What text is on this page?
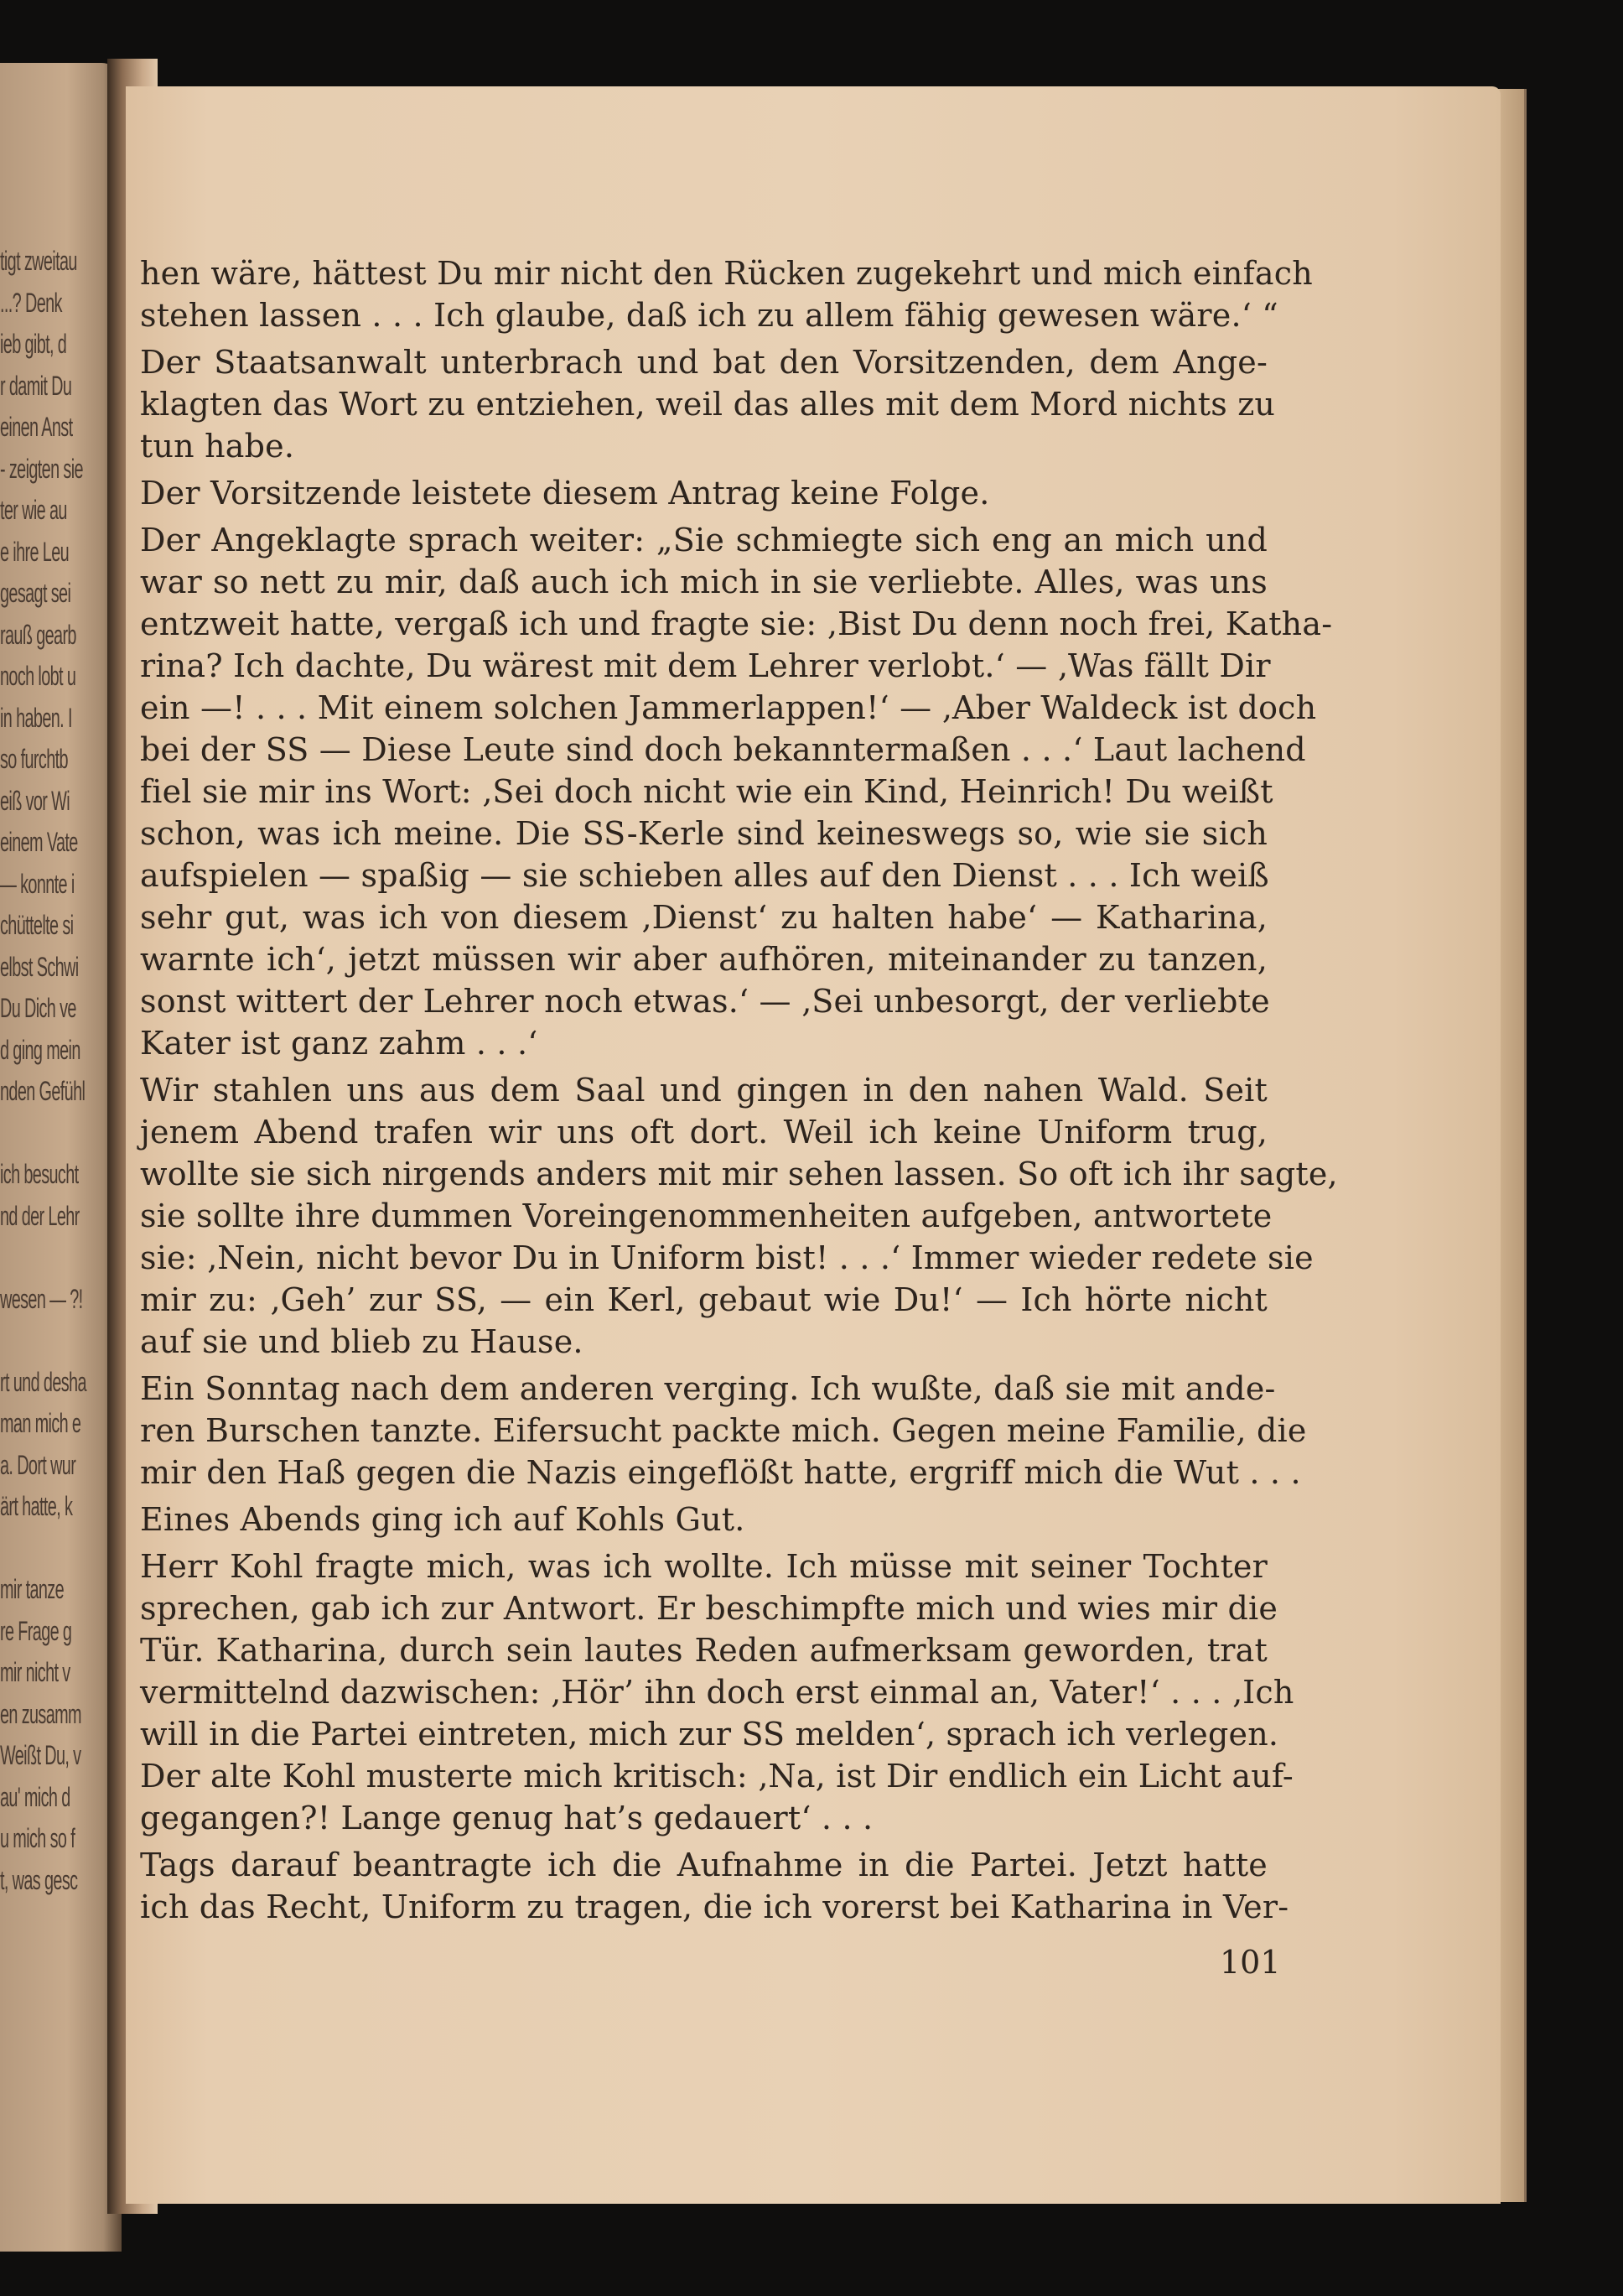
tigt zweitau
...? Denk
ieb gibt, d
r damit Du
einen Anst
- zeigten sie
ter wie au
e ihre Leu
gesagt sei
rauß gearb
noch lobt u
in haben. I
so furchtb
eiß vor Wi
einem Vate
— konnte i
chüttelte si
elbst Schwi
Du Dich ve
d ging mein
nden Gefühl
ich besucht
nd der Lehr
wesen — ?!
rt und desha
man mich e
a. Dort wur
ärt hatte, k
mir tanze
re Frage g
mir nicht v
en zusamm
Weißt Du, v
au' mich d
u mich so f
t, was gesc
hen wäre, hättest Du mir nicht den Rücken zugekehrt und mich einfach
stehen lassen . . . Ich glaube, daß ich zu allem fähig gewesen wäre.‘ “
Der Staatsanwalt unterbrach und bat den Vorsitzenden, dem Ange-
klagten das Wort zu entziehen, weil das alles mit dem Mord nichts zu
tun habe.
Der Vorsitzende leistete diesem Antrag keine Folge.
Der Angeklagte sprach weiter: „Sie schmiegte sich eng an mich und
war so nett zu mir, daß auch ich mich in sie verliebte. Alles, was uns
entzweit hatte, vergaß ich und fragte sie: ‚Bist Du denn noch frei, Katha-
rina? Ich dachte, Du wärest mit dem Lehrer verlobt.‘ — ‚Was fällt Dir
ein —! . . . Mit einem solchen Jammerlappen!‘ — ‚Aber Waldeck ist doch
bei der SS — Diese Leute sind doch bekanntermaßen . . .‘ Laut lachend
fiel sie mir ins Wort: ‚Sei doch nicht wie ein Kind, Heinrich! Du weißt
schon, was ich meine. Die SS-Kerle sind keineswegs so, wie sie sich
aufspielen — spaßig — sie schieben alles auf den Dienst . . . Ich weiß
sehr gut, was ich von diesem ‚Dienst‘ zu halten habe‘ — Katharina,
warnte ich‘, jetzt müssen wir aber aufhören, miteinander zu tanzen,
sonst wittert der Lehrer noch etwas.‘ — ‚Sei unbesorgt, der verliebte
Kater ist ganz zahm . . .‘
Wir stahlen uns aus dem Saal und gingen in den nahen Wald. Seit
jenem Abend trafen wir uns oft dort. Weil ich keine Uniform trug,
wollte sie sich nirgends anders mit mir sehen lassen. So oft ich ihr sagte,
sie sollte ihre dummen Voreingenommenheiten aufgeben, antwortete
sie: ‚Nein, nicht bevor Du in Uniform bist! . . .‘ Immer wieder redete sie
mir zu: ‚Geh’ zur SS, — ein Kerl, gebaut wie Du!‘ — Ich hörte nicht
auf sie und blieb zu Hause.
Ein Sonntag nach dem anderen verging. Ich wußte, daß sie mit ande-
ren Burschen tanzte. Eifersucht packte mich. Gegen meine Familie, die
mir den Haß gegen die Nazis eingeflößt hatte, ergriff mich die Wut . . .
Eines Abends ging ich auf Kohls Gut.
Herr Kohl fragte mich, was ich wollte. Ich müsse mit seiner Tochter
sprechen, gab ich zur Antwort. Er beschimpfte mich und wies mir die
Tür. Katharina, durch sein lautes Reden aufmerksam geworden, trat
vermittelnd dazwischen: ‚Hör’ ihn doch erst einmal an, Vater!‘ . . . ‚Ich
will in die Partei eintreten, mich zur SS melden‘, sprach ich verlegen.
Der alte Kohl musterte mich kritisch: ‚Na, ist Dir endlich ein Licht auf-
gegangen?! Lange genug hat’s gedauert‘ . . .
Tags darauf beantragte ich die Aufnahme in die Partei. Jetzt hatte
ich das Recht, Uniform zu tragen, die ich vorerst bei Katharina in Ver-
101
